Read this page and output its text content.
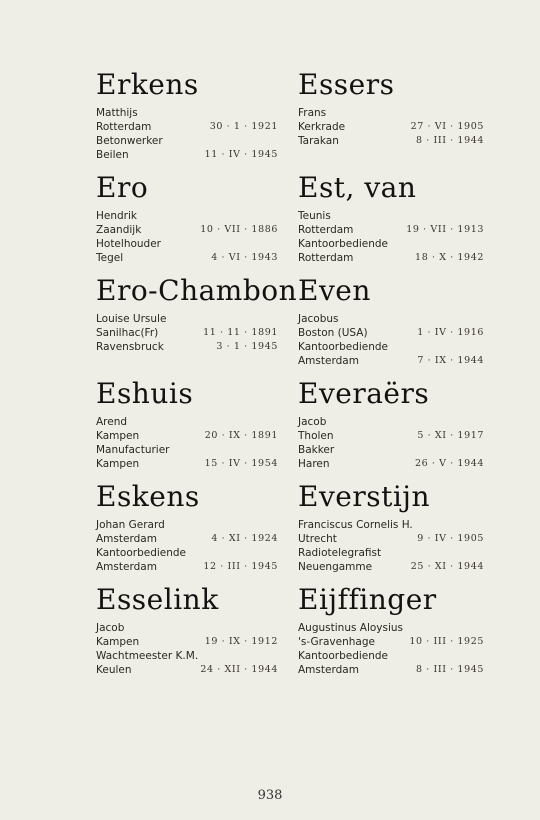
Erkens
Matthijs
Rotterdam	30 · 1 · 1921
Betonwerker
Beilen	11 · IV · 1945
Ero
Hendrik
Zaandijk	10 · VII · 1886
Hotelhouder
Tegel	4 · VI · 1943
Ero-Chambon
Louise Ursule
Sanilhac(Fr)	11 · 11 · 1891
Ravensbruck	3 · 1 · 1945
Eshuis
Arend
Kampen	20 · IX · 1891
Manufacturier
Kampen	15 · IV · 1954
Eskens
Johan Gerard
Amsterdam	4 · XI · 1924
Kantoorbediende
Amsterdam	12 · III · 1945
Esselink
Jacob
Kampen	19 · IX · 1912
Wachtmeester K.M.
Keulen	24 · XII · 1944
Essers
Frans
Kerkrade	27 · VI · 1905
Tarakan	8 · III · 1944
Est, van
Teunis
Rotterdam	19 · VII · 1913
Kantoorbediende
Rotterdam	18 · X · 1942
Even
Jacobus
Boston (USA)	1 · IV · 1916
Kantoorbediende
Amsterdam	7 · IX · 1944
Everaërs
Jacob
Tholen	5 · XI · 1917
Bakker
Haren	26 · V · 1944
Everstijn
Franciscus Cornelis H.
Utrecht	9 · IV · 1905
Radiotelegrafist
Neuengamme	25 · XI · 1944
Eijffinger
Augustinus Aloysius
's-Gravenhage	10 · III · 1925
Kantoorbediende
Amsterdam	8 · III · 1945
938
